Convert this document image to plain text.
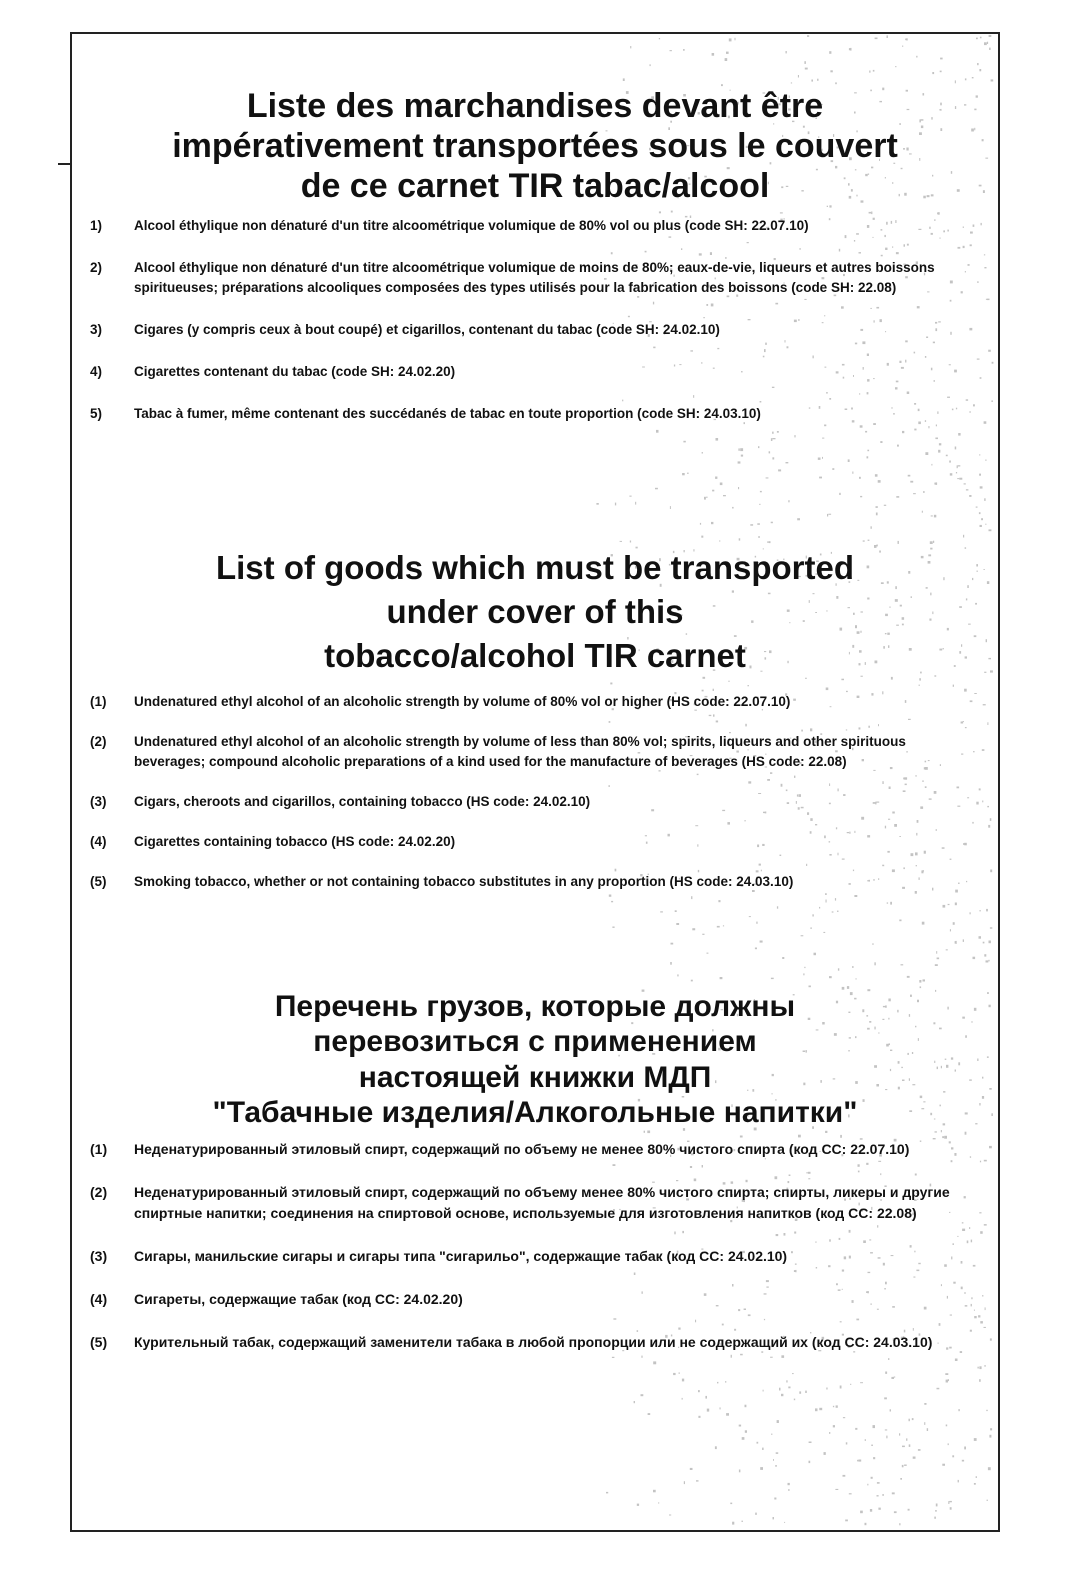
Liste des marchandises devant être
impérativement transportées sous le couvert
de ce carnet TIR tabac/alcool
1) Alcool éthylique non dénaturé d'un titre alcoométrique volumique de 80% vol ou plus (code SH: 22.07.10)
2) Alcool éthylique non dénaturé d'un titre alcoométrique volumique de moins de 80%; eaux-de-vie, liqueurs et autres boissons spiritueuses; préparations alcooliques composées des types utilisés pour la fabrication des boissons (code SH: 22.08)
3) Cigares (y compris ceux à bout coupé) et cigarillos, contenant du tabac (code SH: 24.02.10)
4) Cigarettes contenant du tabac (code SH: 24.02.20)
5) Tabac à fumer, même contenant des succédanés de tabac en toute proportion (code SH: 24.03.10)
List of goods which must be transported
under cover of this
tobacco/alcohol TIR carnet
(1) Undenatured ethyl alcohol of an alcoholic strength by volume of 80% vol or higher (HS code: 22.07.10)
(2) Undenatured ethyl alcohol of an alcoholic strength by volume of less than 80% vol; spirits, liqueurs and other spirituous beverages; compound alcoholic preparations of a kind used for the manufacture of beverages (HS code: 22.08)
(3) Cigars, cheroots and cigarillos, containing tobacco (HS code: 24.02.10)
(4) Cigarettes containing tobacco (HS code: 24.02.20)
(5) Smoking tobacco, whether or not containing tobacco substitutes in any proportion (HS code: 24.03.10)
Перечень грузов, которые должны
перевозиться с применением
настоящей книжки МДП
"Табачные изделия/Алкогольные напитки"
(1) Неденатурированный этиловый спирт, содержащий по объему не менее 80% чистого спирта (код СС: 22.07.10)
(2) Неденатурированный этиловый спирт, содержащий по объему менее 80% чистого спирта; спирты, ликеры и другие спиртные напитки; соединения на спиртовой основе, используемые для изготовления напитков (код СС: 22.08)
(3) Сигары, манильские сигары и сигары типа "сигарильо", содержащие табак (код СС: 24.02.10)
(4) Сигареты, содержащие табак (код СС: 24.02.20)
(5) Курительный табак, содержащий заменители табака в любой пропорции или не содержащий их (код СС: 24.03.10)
